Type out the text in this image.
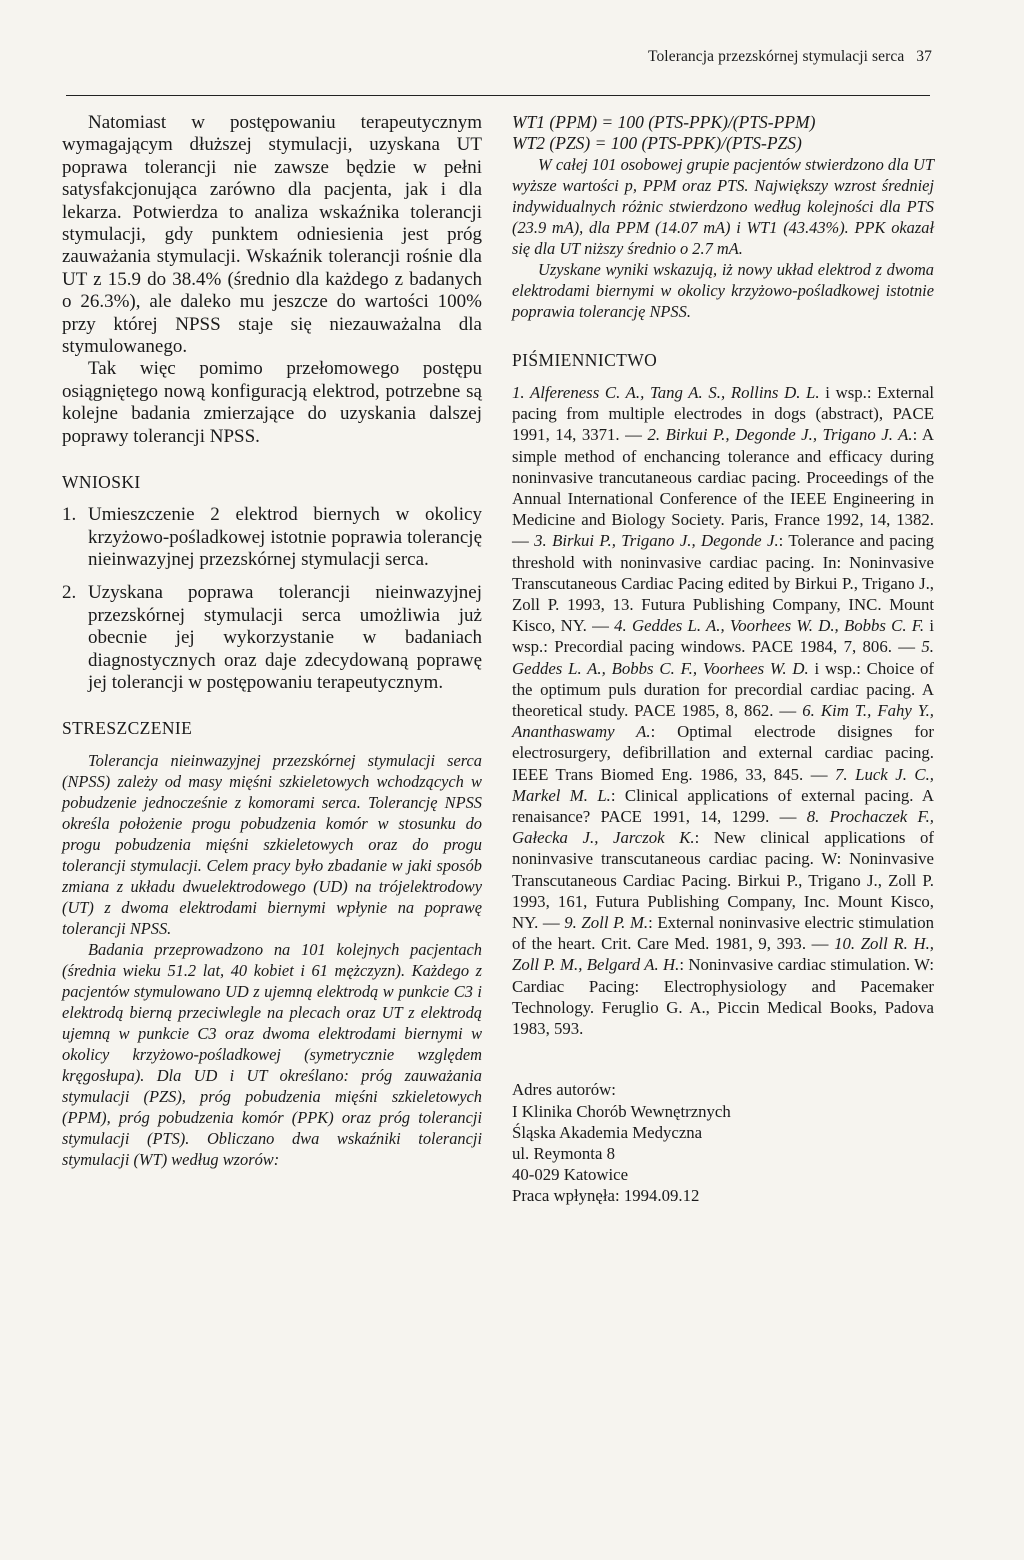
Tolerancja przezskórnej stymulacji serca 37

Natomiast w postępowaniu terapeutycznym wymagającym dłuższej stymulacji, uzyskana UT poprawa tolerancji nie zawsze będzie w pełni satysfakcjonująca zarówno dla pacjenta, jak i dla lekarza. Potwierdza to analiza wskaźnika tolerancji stymulacji, gdy punktem odniesienia jest próg zauważania stymulacji. Wskaźnik tolerancji rośnie dla UT z 15.9 do 38.4% (średnio dla każdego z badanych o 26.3%), ale daleko mu jeszcze do wartości 100% przy której NPSS staje się niezauważalna dla stymulowanego.

Tak więc pomimo przełomowego postępu osiągniętego nową konfiguracją elektrod, potrzebne są kolejne badania zmierzające do uzyskania dalszej poprawy tolerancji NPSS.

WNIOSKI
1. Umieszczenie 2 elektrod biernych w okolicy krzyżowo-pośladkowej istotnie poprawia tolerancję nieinwazyjnej przezskórnej stymulacji serca.
2. Uzyskana poprawa tolerancji nieinwazyjnej przezskórnej stymulacji serca umożliwia już obecnie jej wykorzystanie w badaniach diagnostycznych oraz daje zdecydowaną poprawę jej tolerancji w postępowaniu terapeutycznym.
STRESZCZENIE

Tolerancja nieinwazyjnej przezskórnej stymulacji serca (NPSS) zależy od masy mięśni szkieletowych wchodzących w pobudzenie jednocześnie z komorami serca. Tolerancję NPSS określa położenie progu pobudzenia komór w stosunku do progu pobudzenia mięśni szkieletowych oraz do progu tolerancji stymulacji. Celem pracy było zbadanie w jaki sposób zmiana z układu dwuelektrodowego (UD) na trójelektrodowy (UT) z dwoma elektrodami biernymi wpłynie na poprawę tolerancji NPSS.

Badania przeprowadzono na 101 kolejnych pacjentach (średnia wieku 51.2 lat, 40 kobiet i 61 mężczyzn). Każdego z pacjentów stymulowano UD z ujemną elektrodą w punkcie C3 i elektrodą bierną przeciwlegle na plecach oraz UT z elektrodą ujemną w punkcie C3 oraz dwoma elektrodami biernymi w okolicy krzyżowo-pośladkowej (symetrycznie względem kręgosłupa). Dla UD i UT określano: próg zauważania stymulacji (PZS), próg pobudzenia mięśni szkieletowych (PPM), próg pobudzenia komór (PPK) oraz próg tolerancji stymulacji (PTS). Obliczano dwa wskaźniki tolerancji stymulacji (WT) według wzorów:

WT1 (PPM) = 100 (PTS-PPK)/(PTS-PPM)
WT2 (PZS) = 100 (PTS-PPK)/(PTS-PZS)

W całej 101 osobowej grupie pacjentów stwierdzono dla UT wyższe wartości p, PPM oraz PTS. Największy wzrost średniej indywidualnych różnic stwierdzono według kolejności dla PTS (23.9 mA), dla PPM (14.07 mA) i WT1 (43.43%). PPK okazał się dla UT niższy średnio o 2.7 mA.

Uzyskane wyniki wskazują, iż nowy układ elektrod z dwoma elektrodami biernymi w okolicy krzyżowo-pośladkowej istotnie poprawia tolerancję NPSS.

PIŚMIENNICTWO

1. Alfereness C. A., Tang A. S., Rollins D. L. i wsp.: External pacing from multiple electrodes in dogs (abstract), PACE 1991, 14, 3371. — 2. Birkui P., Degonde J., Trigano J. A.: A simple method of enchancing tolerance and efficacy during noninvasive trancutaneous cardiac pacing. Proceedings of the Annual International Conference of the IEEE Engineering in Medicine and Biology Society. Paris, France 1992, 14, 1382. — 3. Birkui P., Trigano J., Degonde J.: Tolerance and pacing threshold with noninvasive cardiac pacing. In: Noninvasive Transcutaneous Cardiac Pacing edited by Birkui P., Trigano J., Zoll P. 1993, 13. Futura Publishing Company, INC. Mount Kisco, NY. — 4. Geddes L. A., Voorhees W. D., Bobbs C. F. i wsp.: Precordial pacing windows. PACE 1984, 7, 806. — 5. Geddes L. A., Bobbs C. F., Voorhees W. D. i wsp.: Choice of the optimum puls duration for precordial cardiac pacing. A theoretical study. PACE 1985, 8, 862. — 6. Kim T., Fahy Y., Ananthaswamy A.: Optimal electrode disignes for electrosurgery, defibrillation and external cardiac pacing. IEEE Trans Biomed Eng. 1986, 33, 845. — 7. Luck J. C., Markel M. L.: Clinical applications of external pacing. A renaisance? PACE 1991, 14, 1299. — 8. Prochaczek F., Gałecka J., Jarczok K.: New clinical applications of noninvasive transcutaneous cardiac pacing. W: Noninvasive Transcutaneous Cardiac Pacing. Birkui P., Trigano J., Zoll P. 1993, 161, Futura Publishing Company, Inc. Mount Kisco, NY. — 9. Zoll P. M.: External noninvasive electric stimulation of the heart. Crit. Care Med. 1981, 9, 393. — 10. Zoll R. H., Zoll P. M., Belgard A. H.: Noninvasive cardiac stimulation. W: Cardiac Pacing: Electrophysiology and Pacemaker Technology. Feruglio G. A., Piccin Medical Books, Padova 1983, 593.

Adres autorów:
I Klinika Chorób Wewnętrznych
Śląska Akademia Medyczna
ul. Reymonta 8
40-029 Katowice
Praca wpłynęła: 1994.09.12
